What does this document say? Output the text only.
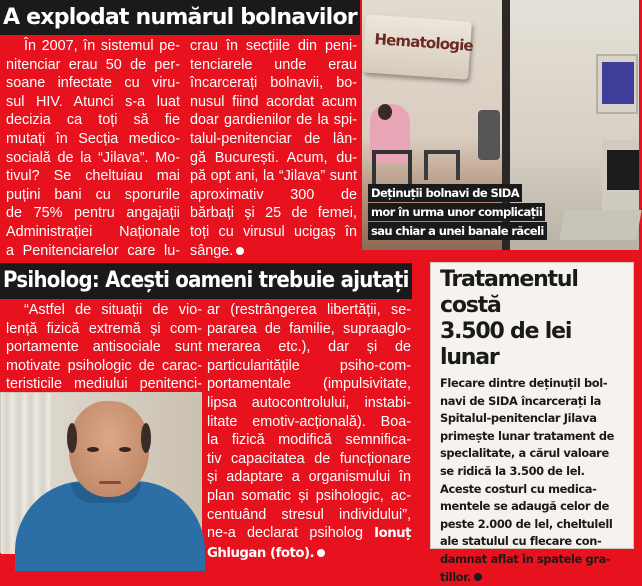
A explodat numărul bolnavilor
În 2007, în sistemul pe-
nitenciar erau 50 de per-
soane infectate cu viru-
sul HIV. Atunci s-a luat
decizia ca toți să fie
mutați în Secția medico-
socială de la “Jilava”. Mo-
tivul? Se cheltuiau mai
puțini bani cu sporurile
de 75% pentru angajații
Administrației Naționale
a Penitenciarelor care lu-
crau în secțiile din peni-
tenciarele unde erau
încarcerați bolnavii, bo-
nusul fiind acordat acum
doar gardienilor de la spi-
talul-penitenciar de lân-
gă București. Acum, du-
pă opt ani, la “Jilava” sunt
aproximativ 300 de
bărbați și 25 de femei,
toți cu virusul ucigaș în
sânge.
Hematologie
Deținuții bolnavi de SIDA
mor în urma unor complicații
sau chiar a unei banale răceli
Psiholog: Acești oameni trebuie ajutați
“Astfel de situații de vio-
lență fizică extremă și com-
portamente antisociale sunt
motivate psihologic de carac-
teristicile mediului penitenci-
ar (restrângerea libertății, se-
pararea de familie, supraaglo-
merarea etc.), dar și de
particularitățile psiho-com-
portamentale (impulsivitate,
lipsa autocontrolului, instabi-
litate emotiv-acțională). Boa-
la fizică modifică semnifica-
tiv capacitatea de funcționare
și adaptare a organismului în
plan somatic și psihologic, ac-
centuând stresul individului”,
ne-a declarat psiholog Ionuț
Ghlugan (foto).
Tratamentul costă
3.500 de lei lunar
Flecare dintre deținuțil bol-
navi de SIDA încarcerați la
Spitalul-penitenclar Jilava
primește lunar tratament de
speclalitate, a cărul valoare
se ridică la 3.500 de lel.
Aceste costurl cu medica-
mentele se adaugă celor de
peste 2.000 de lel, cheltulell
ale statulul cu flecare con-
damnat aflat în spatele gra-
tillor.
